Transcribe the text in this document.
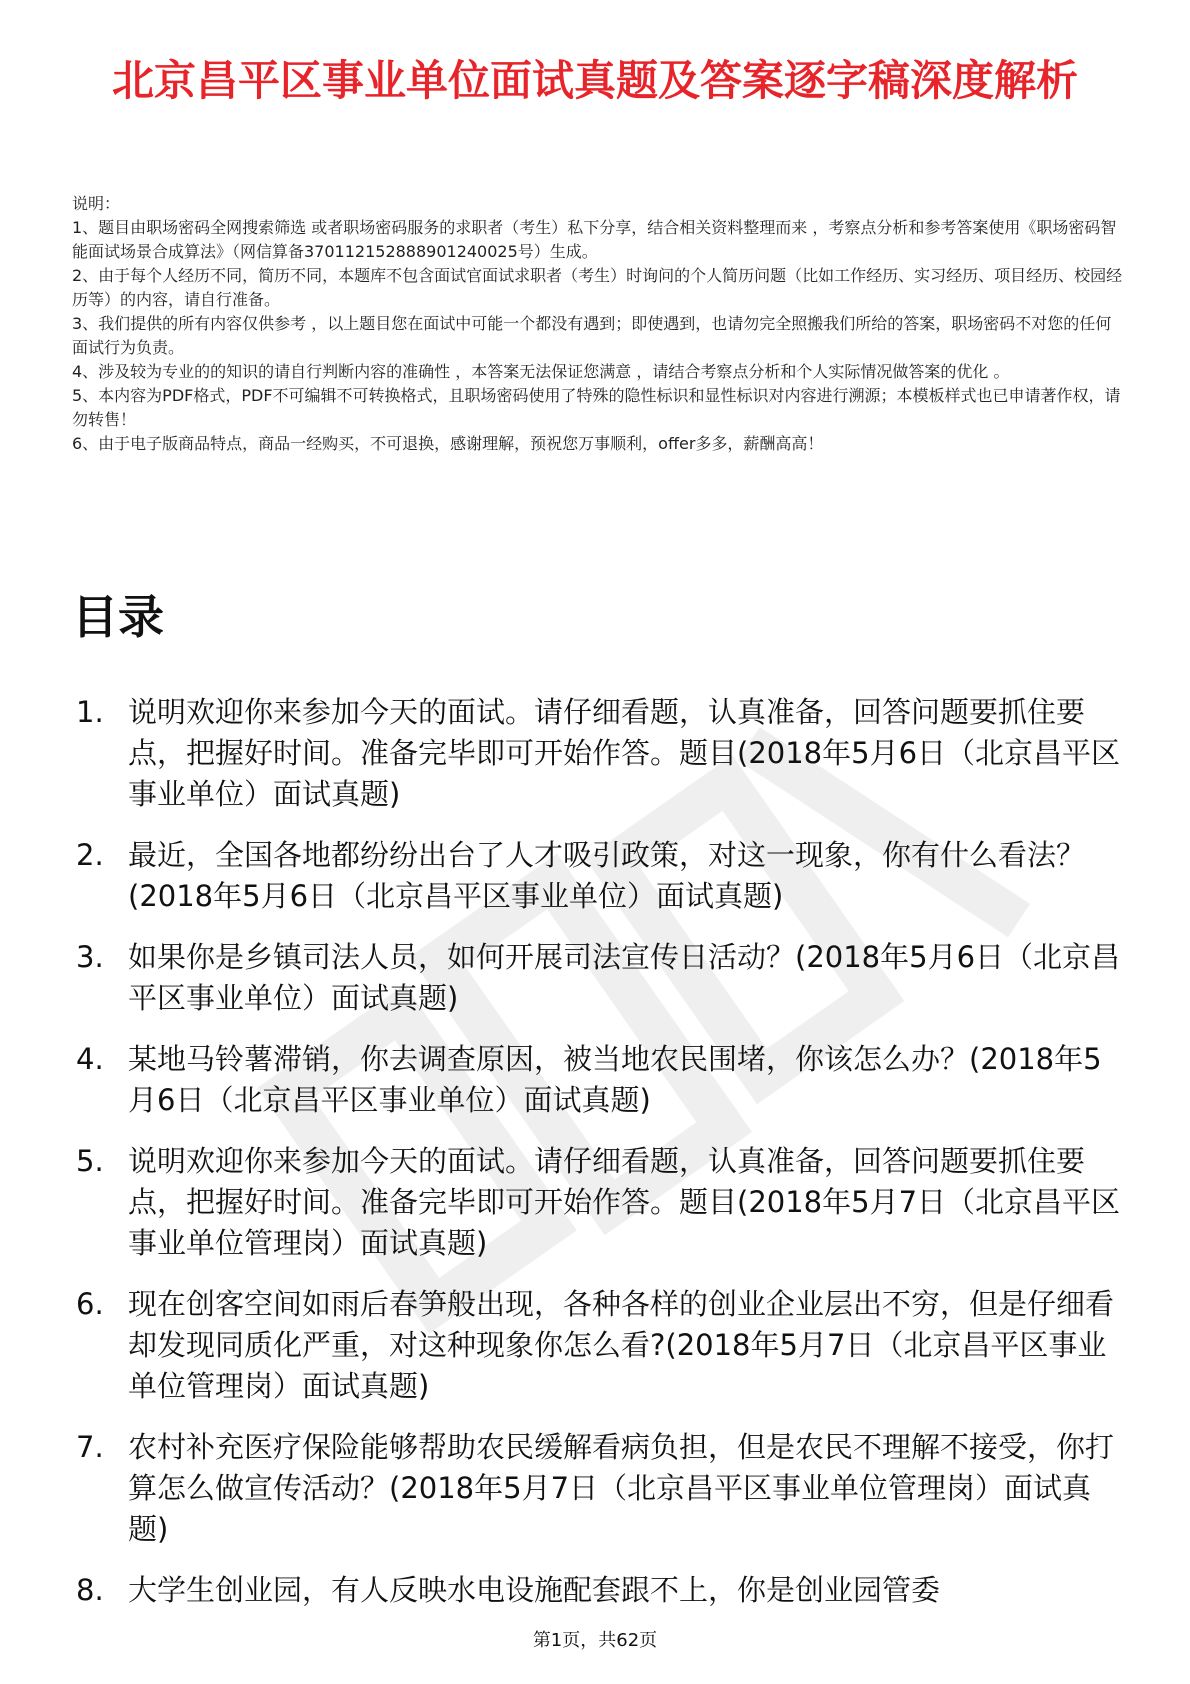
北京昌平区事业单位面试真题及答案逐字稿深度解析

说明：

1、题目由职场密码全网搜索筛选 或者职场密码服务的求职者（考生）私下分享，结合相关资料整理而来 ，考察点分析和参考答案使用《职场密码智能面试场景合成算法》（网信算备370112152888901240025号）生成。

2、由于每个人经历不同，简历不同，本题库不包含面试官面试求职者（考生）时询问的个人简历问题（比如工作经历、实习经历、项目经历、校园经历等）的内容，请自行准备。

3、我们提供的所有内容仅供参考 ，以上题目您在面试中可能一个都没有遇到；即使遇到，也请勿完全照搬我们所给的答案，职场密码不对您的任何面试行为负责。

4、涉及较为专业的的知识的请自行判断内容的准确性 ，本答案无法保证您满意 ，请结合考察点分析和个人实际情况做答案的优化 。

5、本内容为PDF格式，PDF不可编辑不可转换格式，且职场密码使用了特殊的隐性标识和显性标识对内容进行溯源；本模板样式也已申请著作权，请勿转售！

6、由于电子版商品特点，商品一经购买，不可退换，感谢理解，预祝您万事顺利，offer多多，薪酬高高！

目录
1. 说明欢迎你来参加今天的面试。请仔细看题，认真准备，回答问题要抓住要点，把握好时间。准备完毕即可开始作答。题目(2018年5月6日（北京昌平区事业单位）面试真题)
2. 最近，全国各地都纷纷出台了人才吸引政策，对这一现象，你有什么看法？(2018年5月6日（北京昌平区事业单位）面试真题)
3. 如果你是乡镇司法人员，如何开展司法宣传日活动？(2018年5月6日（北京昌平区事业单位）面试真题)
4. 某地马铃薯滞销，你去调查原因，被当地农民围堵，你该怎么办？(2018年5月6日（北京昌平区事业单位）面试真题)
5. 说明欢迎你来参加今天的面试。请仔细看题，认真准备，回答问题要抓住要点，把握好时间。准备完毕即可开始作答。题目(2018年5月7日（北京昌平区事业单位管理岗）面试真题)
6. 现在创客空间如雨后春笋般出现，各种各样的创业企业层出不穷，但是仔细看却发现同质化严重，对这种现象你怎么看?(2018年5月7日（北京昌平区事业单位管理岗）面试真题)
7. 农村补充医疗保险能够帮助农民缓解看病负担，但是农民不理解不接受，你打算怎么做宣传活动？(2018年5月7日（北京昌平区事业单位管理岗）面试真题)
8. 大学生创业园，有人反映水电设施配套跟不上，你是创业园管委
第1页，共62页
